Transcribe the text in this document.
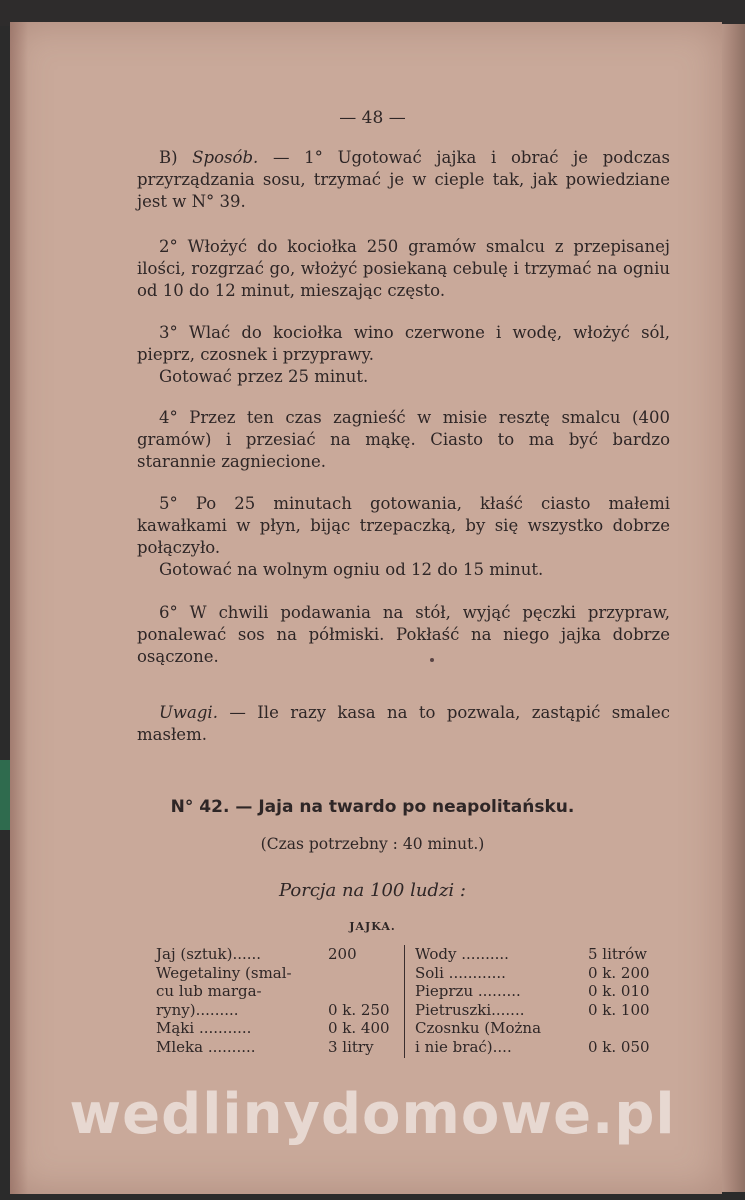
— 48 —

B) Sposób. — 1° Ugotować jajka i obrać je podczas przyrządzania sosu, trzymać je w cieple tak, jak powiedziane jest w N° 39.

2° Włożyć do kociołka 250 gramów smalcu z przepisanej ilości, rozgrzać go, włożyć posiekaną cebulę i trzymać na ogniu od 10 do 12 minut, mieszając często.

3° Wlać do kociołka wino czerwone i wodę, włożyć sól, pieprz, czosnek i przyprawy.

Gotować przez 25 minut.

4° Przez ten czas zagnieść w misie resztę smalcu (400 gramów) i przesiać na mąkę. Ciasto to ma być bardzo starannie zagniecione.

5° Po 25 minutach gotowania, kłaść ciasto małemi kawałkami w płyn, bijąc trzepaczką, by się wszystko dobrze połączyło.

Gotować na wolnym ogniu od 12 do 15 minut.

6° W chwili podawania na stół, wyjąć pęczki przypraw, ponalewać sos na półmiski. Pokłaść na niego jajka dobrze osączone.

Uwagi. — Ile razy kasa na to pozwala, zastąpić smalec masłem.

N° 42. — Jaja na twardo po neapolitańsku.
(Czas potrzebny : 40 minut.)
Porcja na 100 ludzi :
JAJKA.
Jaj (sztuk)......	200
Wegetaliny (smal-
cu lub marga-
ryny).........	0 k. 250
Mąki ...........	0 k. 400
Mleka ..........	3 litry
Wody ..........	5 litrów
Soli ............	0 k. 200
Pieprzu .........	0 k. 010
Pietruszki.......	0 k. 100
Czosnku (Można
i nie brać)....	0 k. 050
wedlinydomowe.pl
